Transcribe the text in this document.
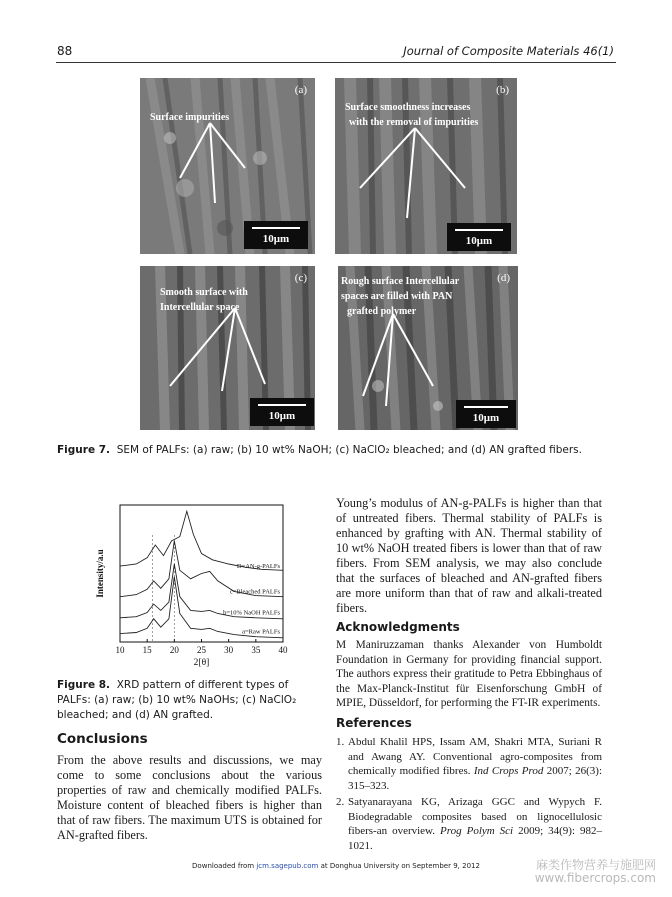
88	Journal of Composite Materials 46(1)
(a)
Surface impurities
10μm
(b)
Surface smoothness increases
with the removal of impurities
10μm
(c)
Smooth surface with
Intercellular space
10μm
(d)
Rough surface Intercellular
spaces are filled with PAN
grafted polymer
10μm
Figure 7. SEM of PALFs: (a) raw; (b) 10 wt% NaOH; (c) NaClO₂ bleached; and (d) AN grafted fibers.
10 15 20 25 30 35 40
2[θ]
Intensity/a.u
a=Raw PALFs
b=10% NaOH PALFs
c=Bleached PALFs
D=AN-g-PALFs
Figure 8. XRD pattern of different types of PALFs: (a) raw; (b) 10 wt% NaOHs; (c) NaClO₂ bleached; and (d) AN grafted.
Conclusions

From the above results and discussions, we may come to some conclusions about the various properties of raw and chemically modified PALFs. Moisture content of bleached fibers is higher than that of raw fibers. The maximum UTS is obtained for AN-grafted fibers.

Young’s modulus of AN-g-PALFs is higher than that of untreated fibers. Thermal stability of PALFs is enhanced by grafting with AN. Thermal stability of 10 wt% NaOH treated fibers is lower than that of raw fibers. From SEM analysis, we may also conclude that the surfaces of bleached and AN-grafted fibers are more uniform than that of raw and alkali-treated fibers.

Acknowledgments

M Maniruzzaman thanks Alexander von Humboldt Foundation in Germany for providing financial support. The authors express their gratitude to Petra Ebbinghaus of the Max-Planck-Institut für Eisenforschung GmbH of MPIE, Düsseldorf, for performing the FT-IR experiments.

References
1. Abdul Khalil HPS, Issam AM, Shakri MTA, Suriani R and Awang AY. Conventional agro-composites from chemically modified fibres. Ind Crops Prod 2007; 26(3): 315–323.
2. Satyanarayana KG, Arizaga GGC and Wypych F. Biodegradable composites based on lignocellulosic fibers-an overview. Prog Polym Sci 2009; 34(9): 982–1021.
Downloaded from jcm.sagepub.com at Donghua University on September 9, 2012	麻类作物营养与施肥网
www.fibercrops.com
